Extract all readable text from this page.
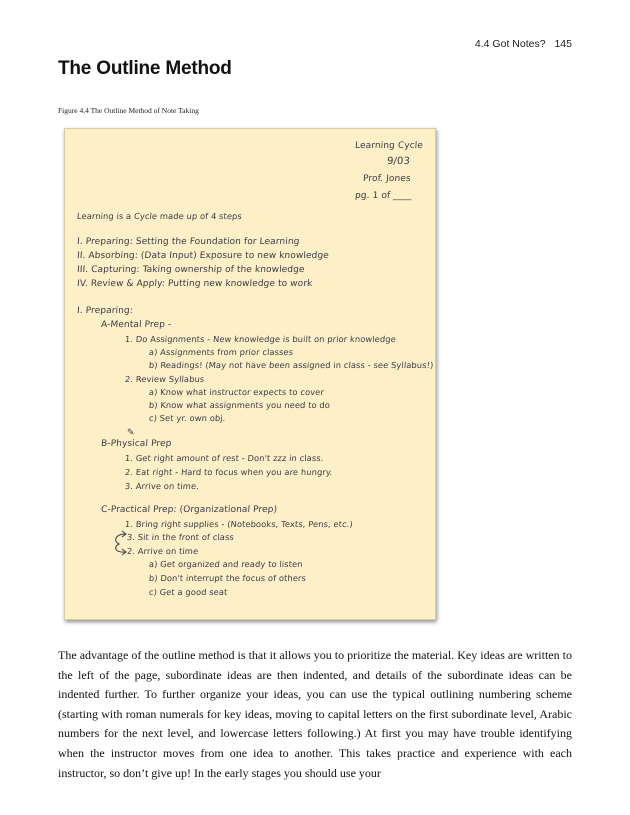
4.4 Got Notes? 145
The Outline Method
Figure 4.4 The Outline Method of Note Taking
Learning Cycle
9/03
Prof. Jones
pg. 1 of ____
Learning is a Cycle made up of 4 steps
I. Preparing: Setting the Foundation for Learning
II. Absorbing: (Data Input) Exposure to new knowledge
III. Capturing: Taking ownership of the knowledge
IV. Review & Apply: Putting new knowledge to work
I. Preparing:
A-Mental Prep -
1. Do Assignments - New knowledge is built on prior knowledge
a) Assignments from prior classes
b) Readings! (May not have been assigned in class - see Syllabus!)
2. Review Syllabus
a) Know what instructor expects to cover
b) Know what assignments you need to do
c) Set yr. own obj.
✎
B-Physical Prep
1. Get right amount of rest - Don't zzz in class.
2. Eat right - Hard to focus when you are hungry.
3. Arrive on time.
C-Practical Prep: (Organizational Prep)
1. Bring right supplies - (Notebooks, Texts, Pens, etc.)
3. Sit in the front of class
2. Arrive on time
a) Get organized and ready to listen
b) Don't interrupt the focus of others
c) Get a good seat

The advantage of the outline method is that it allows you to prioritize the material. Key ideas are written to the left of the page, subordinate ideas are then indented, and details of the subordinate ideas can be indented further. To further organize your ideas, you can use the typical outlining numbering scheme (starting with roman numerals for key ideas, moving to capital letters on the first subordinate level, Arabic numbers for the next level, and lowercase letters following.) At first you may have trouble identifying when the instructor moves from one idea to another. This takes practice and experience with each instructor, so don’t give up! In the early stages you should use your
